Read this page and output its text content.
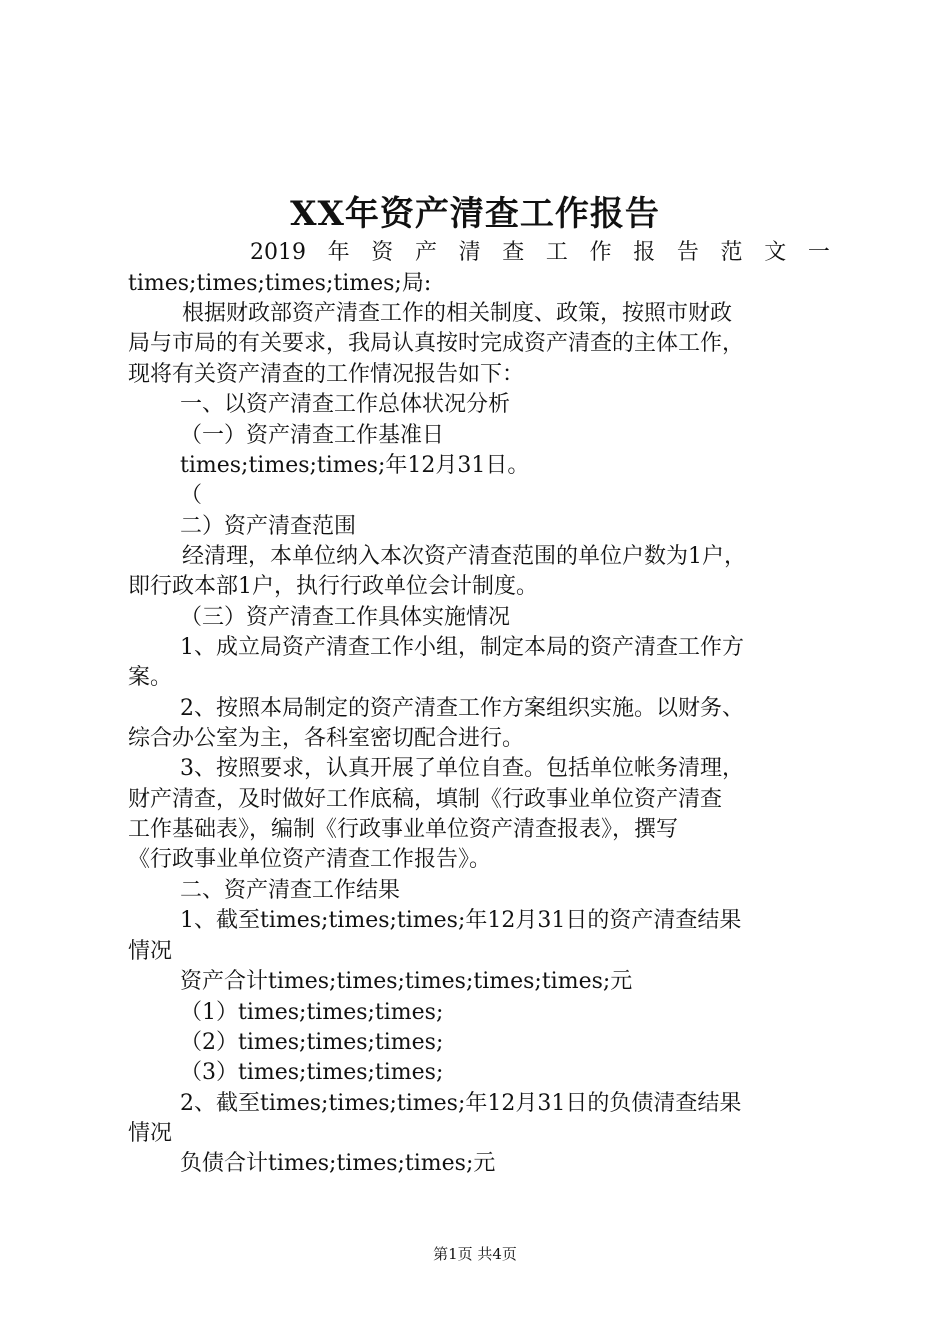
XX年资产清查工作报告
2019 年 资 产 清 查 工 作 报 告 范 文 一
times;times;times;times;局:
根据财政部资产清查工作的相关制度、政策，按照市财政
局与市局的有关要求，我局认真按时完成资产清查的主体工作，
现将有关资产清查的工作情况报告如下：
一、以资产清查工作总体状况分析
（一）资产清查工作基准日
times;times;times;年12月31日。
（
二）资产清查范围
经清理，本单位纳入本次资产清查范围的单位户数为1户，
即行政本部1户，执行行政单位会计制度。
（三）资产清查工作具体实施情况
1、成立局资产清查工作小组，制定本局的资产清查工作方
案。
2、按照本局制定的资产清查工作方案组织实施。以财务、
综合办公室为主，各科室密切配合进行。
3、按照要求，认真开展了单位自查。包括单位帐务清理，
财产清查，及时做好工作底稿，填制《行政事业单位资产清查
工作基础表》，编制《行政事业单位资产清查报表》，撰写
《行政事业单位资产清查工作报告》。
二、资产清查工作结果
1、截至times;times;times;年12月31日的资产清查结果
情况
资产合计times;times;times;times;times;元
（1）times;times;times;
（2）times;times;times;
（3）times;times;times;
2、截至times;times;times;年12月31日的负债清查结果
情况
负债合计times;times;times;元
第1页 共4页
